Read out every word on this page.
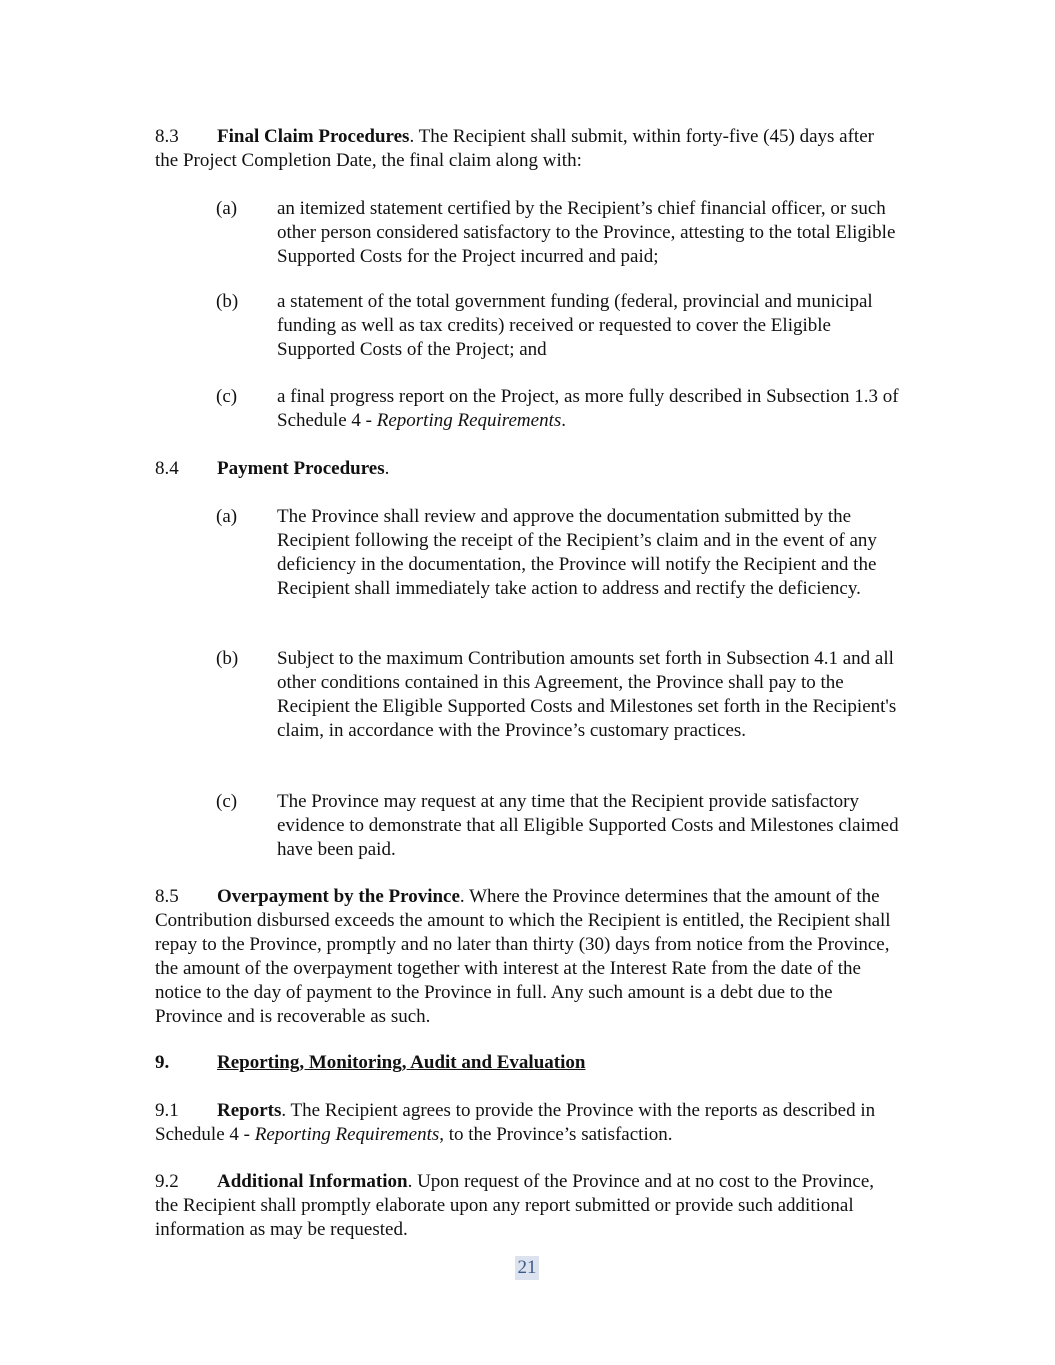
8.3 Final Claim Procedures. The Recipient shall submit, within forty-five (45) days after the Project Completion Date, the final claim along with:

(a) an itemized statement certified by the Recipient’s chief financial officer, or such other person considered satisfactory to the Province, attesting to the total Eligible Supported Costs for the Project incurred and paid;
(b) a statement of the total government funding (federal, provincial and municipal funding as well as tax credits) received or requested to cover the Eligible Supported Costs of the Project; and
(c) a final progress report on the Project, as more fully described in Subsection 1.3 of Schedule 4 - Reporting Requirements.

8.4 Payment Procedures.

(a) The Province shall review and approve the documentation submitted by the Recipient following the receipt of the Recipient’s claim and in the event of any deficiency in the documentation, the Province will notify the Recipient and the Recipient shall immediately take action to address and rectify the deficiency.
(b) Subject to the maximum Contribution amounts set forth in Subsection 4.1 and all other conditions contained in this Agreement, the Province shall pay to the Recipient the Eligible Supported Costs and Milestones set forth in the Recipient's claim, in accordance with the Province’s customary practices.
(c) The Province may request at any time that the Recipient provide satisfactory evidence to demonstrate that all Eligible Supported Costs and Milestones claimed have been paid.

8.5 Overpayment by the Province. Where the Province determines that the amount of the Contribution disbursed exceeds the amount to which the Recipient is entitled, the Recipient shall repay to the Province, promptly and no later than thirty (30) days from notice from the Province, the amount of the overpayment together with interest at the Interest Rate from the date of the notice to the day of payment to the Province in full. Any such amount is a debt due to the Province and is recoverable as such.

9.	Reporting, Monitoring, Audit and Evaluation

9.1 Reports. The Recipient agrees to provide the Province with the reports as described in Schedule 4 - Reporting Requirements, to the Province’s satisfaction.

9.2 Additional Information. Upon request of the Province and at no cost to the Province, the Recipient shall promptly elaborate upon any report submitted or provide such additional information as may be requested.

21
